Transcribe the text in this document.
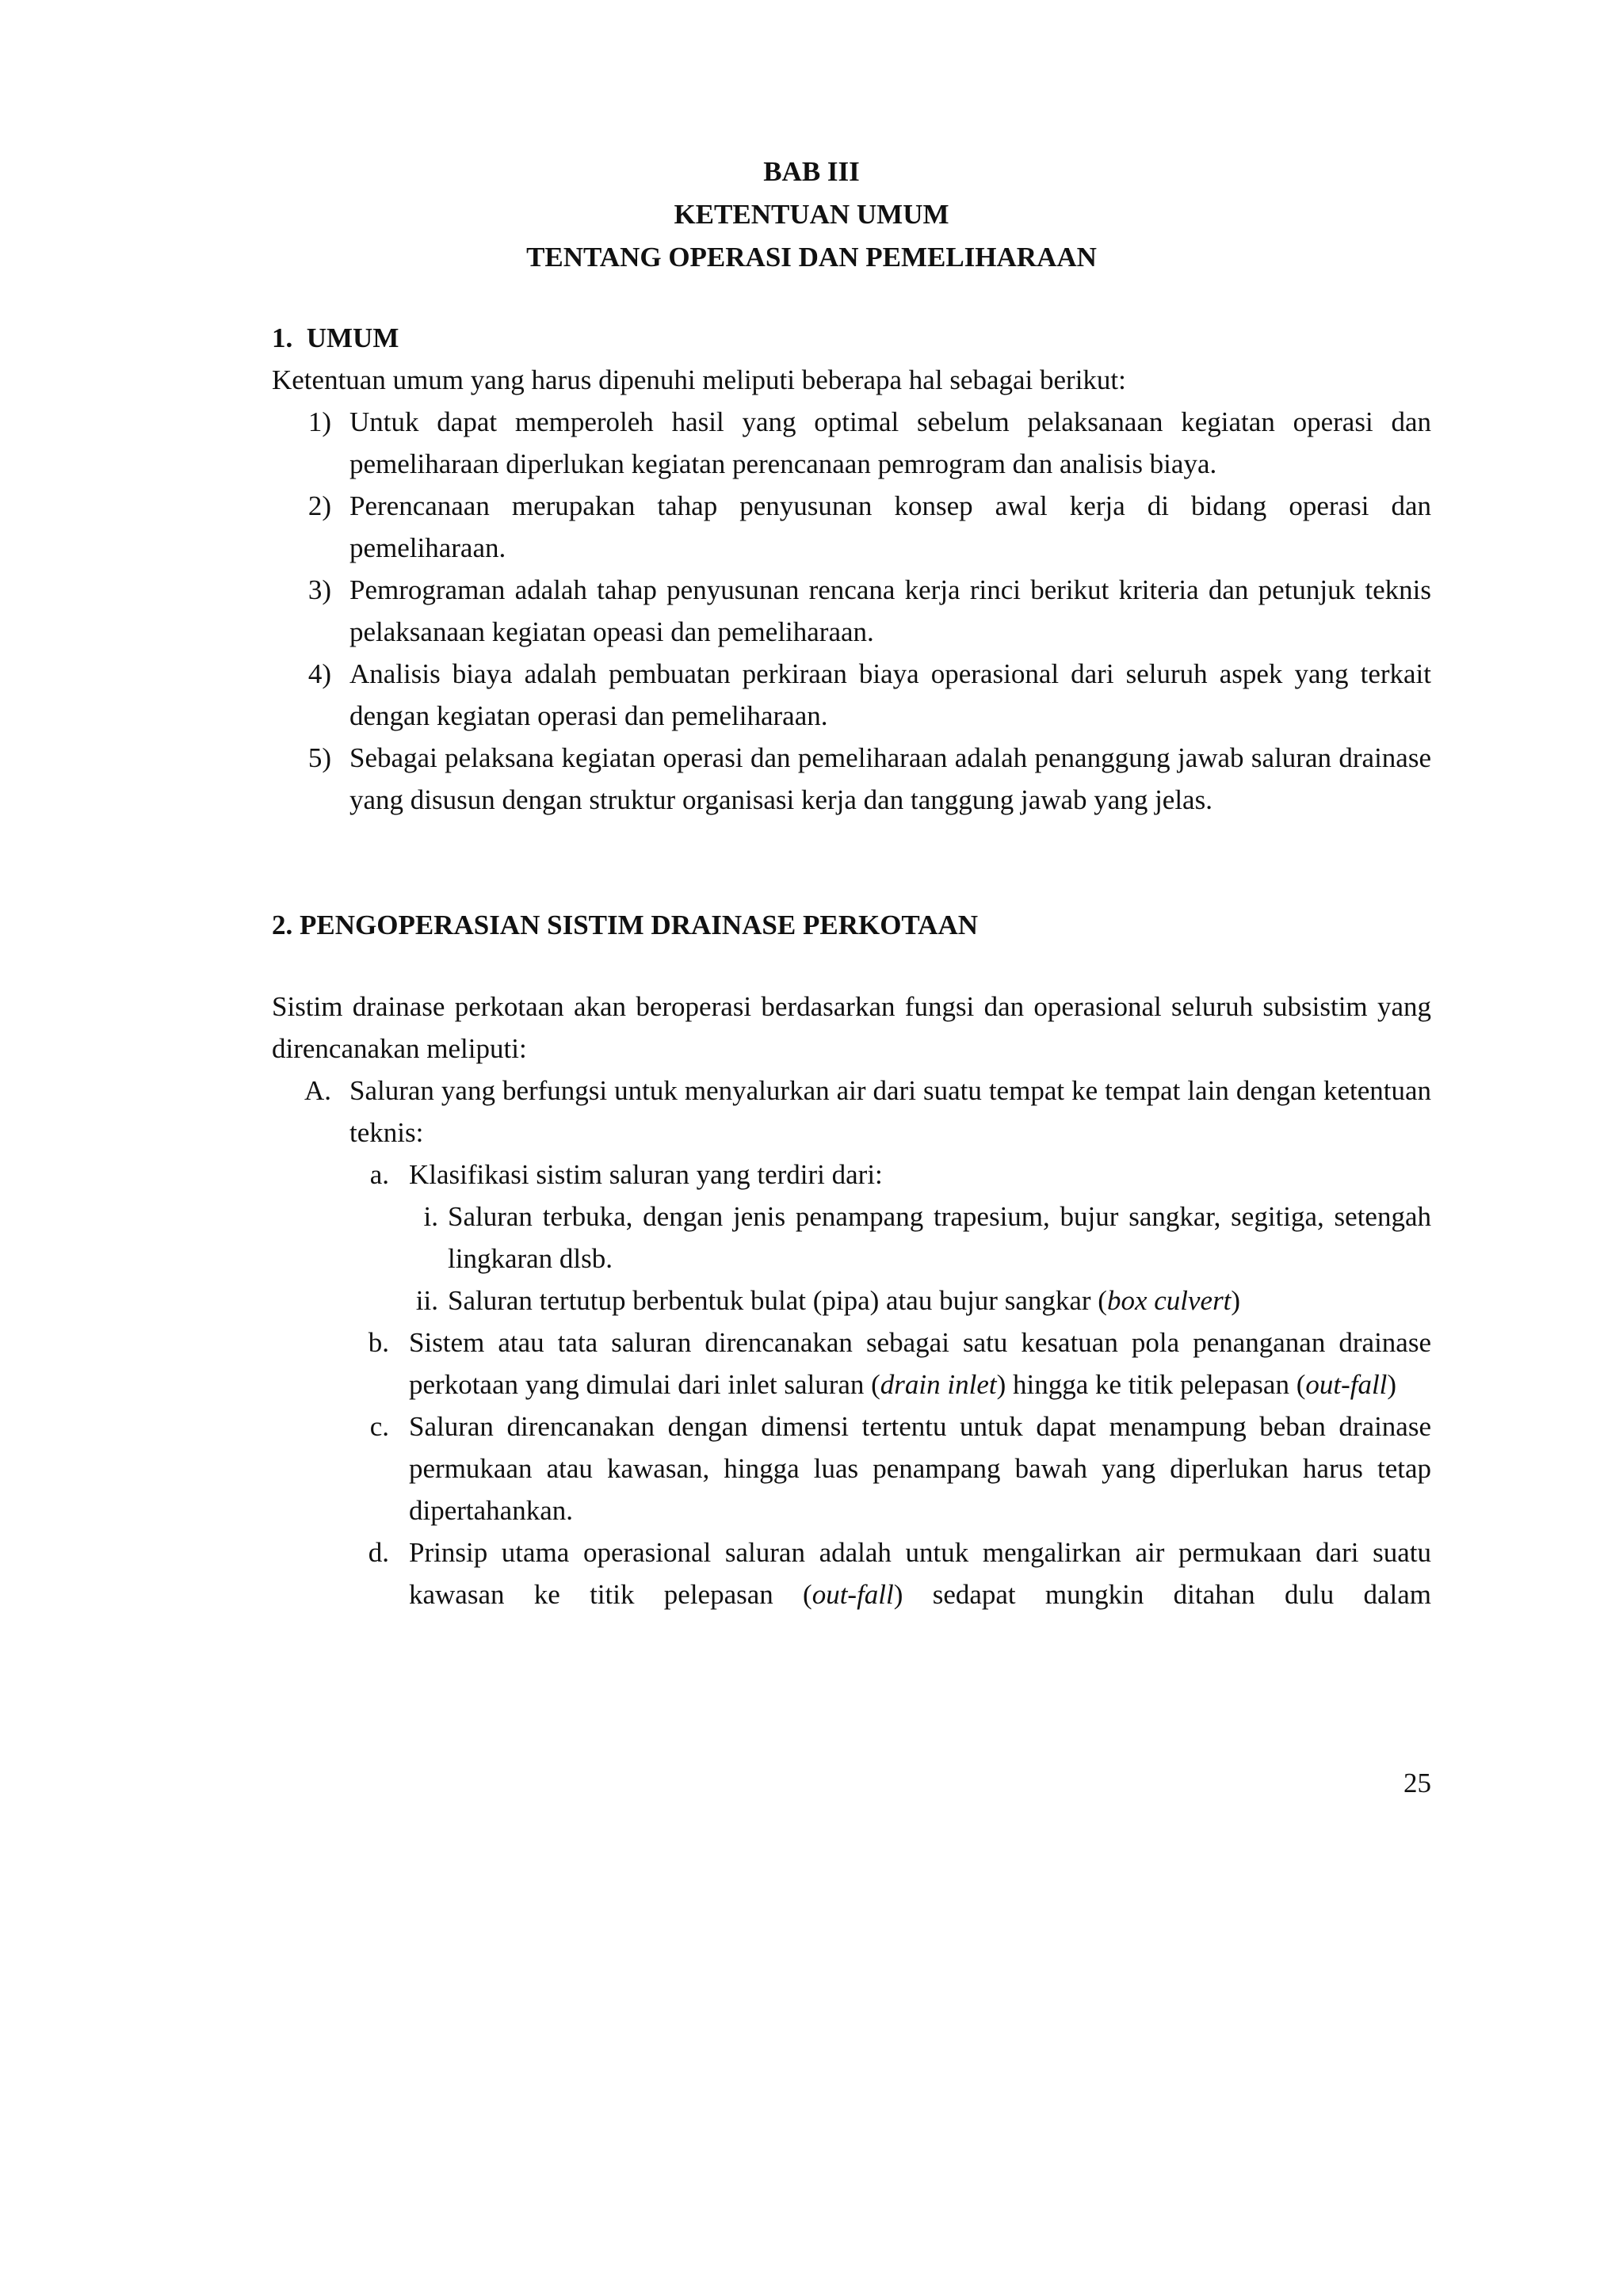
BAB III
KETENTUAN UMUM
TENTANG OPERASI DAN PEMELIHARAAN
1.  UMUM
Ketentuan umum yang harus dipenuhi meliputi beberapa hal sebagai berikut:
1) Untuk dapat memperoleh hasil yang optimal sebelum pelaksanaan kegiatan operasi dan pemeliharaan diperlukan kegiatan perencanaan pemrogram dan analisis biaya.
2) Perencanaan merupakan tahap penyusunan konsep awal kerja di bidang operasi dan pemeliharaan.
3) Pemrograman adalah tahap penyusunan rencana kerja rinci berikut kriteria dan petunjuk teknis pelaksanaan kegiatan opeasi dan pemeliharaan.
4) Analisis biaya adalah pembuatan perkiraan biaya operasional dari seluruh aspek yang terkait dengan kegiatan operasi dan pemeliharaan.
5) Sebagai pelaksana kegiatan operasi dan pemeliharaan adalah penanggung jawab saluran drainase yang disusun dengan struktur organisasi kerja dan tanggung jawab yang jelas.
2. PENGOPERASIAN SISTIM DRAINASE PERKOTAAN
Sistim drainase perkotaan akan beroperasi berdasarkan fungsi dan operasional seluruh subsistim yang direncanakan meliputi:
A. Saluran yang berfungsi untuk menyalurkan air dari suatu tempat ke tempat lain dengan ketentuan teknis:
a. Klasifikasi sistim saluran yang terdiri dari:
i. Saluran terbuka, dengan jenis penampang trapesium, bujur sangkar, segitiga, setengah lingkaran dlsb.
ii. Saluran tertutup berbentuk bulat (pipa) atau bujur sangkar (box culvert)
b. Sistem atau tata saluran direncanakan sebagai satu kesatuan pola penanganan drainase perkotaan yang dimulai dari inlet saluran (drain inlet) hingga ke titik pelepasan (out-fall)
c. Saluran direncanakan dengan dimensi tertentu untuk dapat menampung beban drainase permukaan atau kawasan, hingga luas penampang bawah yang diperlukan harus tetap dipertahankan.
d. Prinsip utama operasional saluran adalah untuk mengalirkan air permukaan dari suatu kawasan ke titik pelepasan (out-fall) sedapat mungkin ditahan dulu dalam
25
